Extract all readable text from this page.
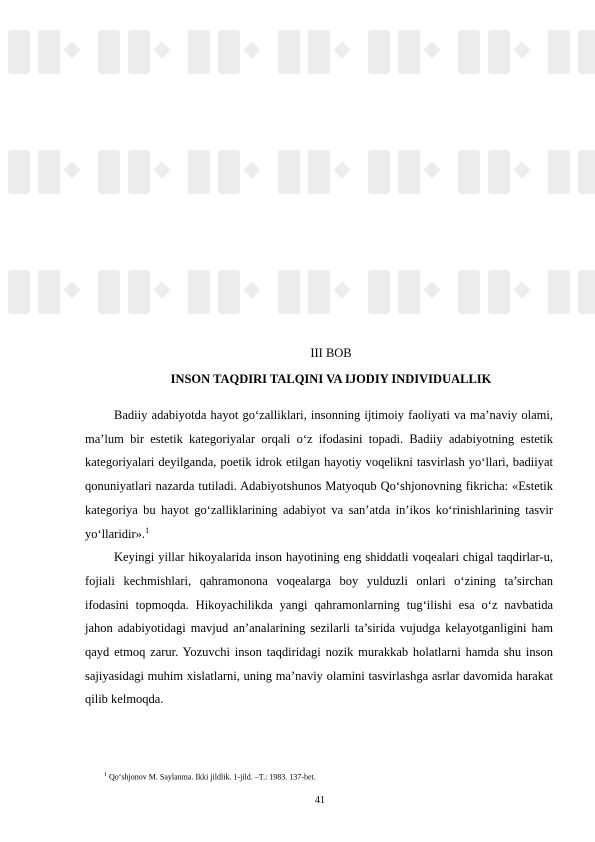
III BOB
INSON TAQDIRI TALQINI VA IJODIY INDIVIDUALLIK

Badiiy adabiyotda hayot go‘zalliklari, insonning ijtimoiy faoliyati va ma’naviy olami, ma’lum bir estetik kategoriyalar orqali o‘z ifodasini topadi. Badiiy adabiyotning estetik kategoriyalari deyilganda, poetik idrok etilgan hayotiy voqelikni tasvirlash yo‘llari, badiiyat qonuniyatlari nazarda tutiladi. Adabiyotshunos Matyoqub Qo‘shjonovning fikricha: «Estetik kategoriya bu hayot go‘zalliklarining adabiyot va san’atda in’ikos ko‘rinishlarining tasvir yo‘llaridir».$^1$

Keyingi yillar hikoyalarida inson hayotining eng shiddatli voqealari chigal taqdirlar-u, fojiali kechmishlari, qahramonona voqealarga boy yulduzli onlari o‘zining ta’sirchan ifodasini topmoqda. Hikoyachilikda yangi qahramonlarning tug‘ilishi esa o‘z navbatida jahon adabiyotidagi mavjud an’analarining sezilarli ta’sirida vujudga kelayotganligini ham qayd etmoq zarur. Yozuvchi inson taqdiridagi nozik murakkab holatlarni hamda shu inson sajiyasidagi muhim xislatlarni, uning ma’naviy olamini tasvirlashga asrlar davomida harakat qilib kelmoqda.

$^1$ Qo‘shjonov M. Saylanma. Ikki jildlik. 1-jild. –T.: 1983. 137-bet.
41
